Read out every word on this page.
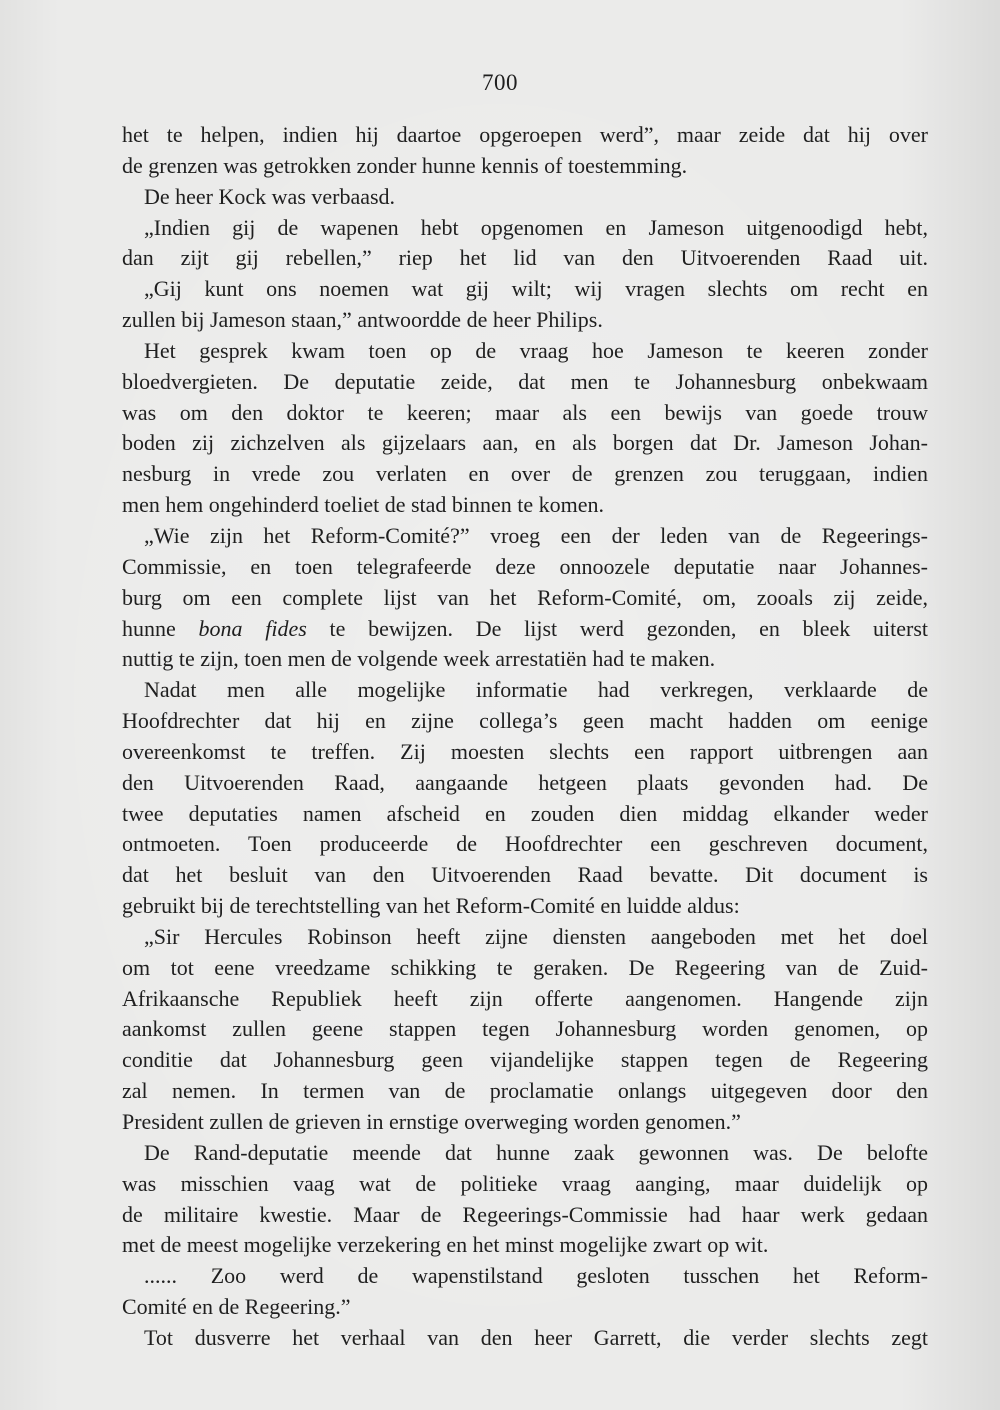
700
het te helpen, indien hij daartoe opgeroepen werd”, maar zeide dat hij over
de grenzen was getrokken zonder hunne kennis of toestemming.
De heer Kock was verbaasd.
„Indien gij de wapenen hebt opgenomen en Jameson uitgenoodigd hebt,
dan zijt gij rebellen,” riep het lid van den Uitvoerenden Raad uit.
„Gij kunt ons noemen wat gij wilt; wij vragen slechts om recht en
zullen bij Jameson staan,” antwoordde de heer Philips.
Het gesprek kwam toen op de vraag hoe Jameson te keeren zonder
bloedvergieten. De deputatie zeide, dat men te Johannesburg onbekwaam
was om den doktor te keeren; maar als een bewijs van goede trouw
boden zij zichzelven als gijzelaars aan, en als borgen dat Dr. Jameson Johan-
nesburg in vrede zou verlaten en over de grenzen zou teruggaan, indien
men hem ongehinderd toeliet de stad binnen te komen.
„Wie zijn het Reform-Comité?” vroeg een der leden van de Regeerings-
Commissie, en toen telegrafeerde deze onnoozele deputatie naar Johannes-
burg om een complete lijst van het Reform-Comité, om, zooals zij zeide,
hunne bona fides te bewijzen. De lijst werd gezonden, en bleek uiterst
nuttig te zijn, toen men de volgende week arrestatiën had te maken.
Nadat men alle mogelijke informatie had verkregen, verklaarde de
Hoofdrechter dat hij en zijne collega’s geen macht hadden om eenige
overeenkomst te treffen. Zij moesten slechts een rapport uitbrengen aan
den Uitvoerenden Raad, aangaande hetgeen plaats gevonden had. De
twee deputaties namen afscheid en zouden dien middag elkander weder
ontmoeten. Toen produceerde de Hoofdrechter een geschreven document,
dat het besluit van den Uitvoerenden Raad bevatte. Dit document is
gebruikt bij de terechtstelling van het Reform-Comité en luidde aldus:
„Sir Hercules Robinson heeft zijne diensten aangeboden met het doel
om tot eene vreedzame schikking te geraken. De Regeering van de Zuid-
Afrikaansche Republiek heeft zijn offerte aangenomen. Hangende zijn
aankomst zullen geene stappen tegen Johannesburg worden genomen, op
conditie dat Johannesburg geen vijandelijke stappen tegen de Regeering
zal nemen. In termen van de proclamatie onlangs uitgegeven door den
President zullen de grieven in ernstige overweging worden genomen.”
De Rand-deputatie meende dat hunne zaak gewonnen was. De belofte
was misschien vaag wat de politieke vraag aanging, maar duidelijk op
de militaire kwestie. Maar de Regeerings-Commissie had haar werk gedaan
met de meest mogelijke verzekering en het minst mogelijke zwart op wit.
...... Zoo werd de wapenstilstand gesloten tusschen het Reform-
Comité en de Regeering.”
Tot dusverre het verhaal van den heer Garrett, die verder slechts zegt
